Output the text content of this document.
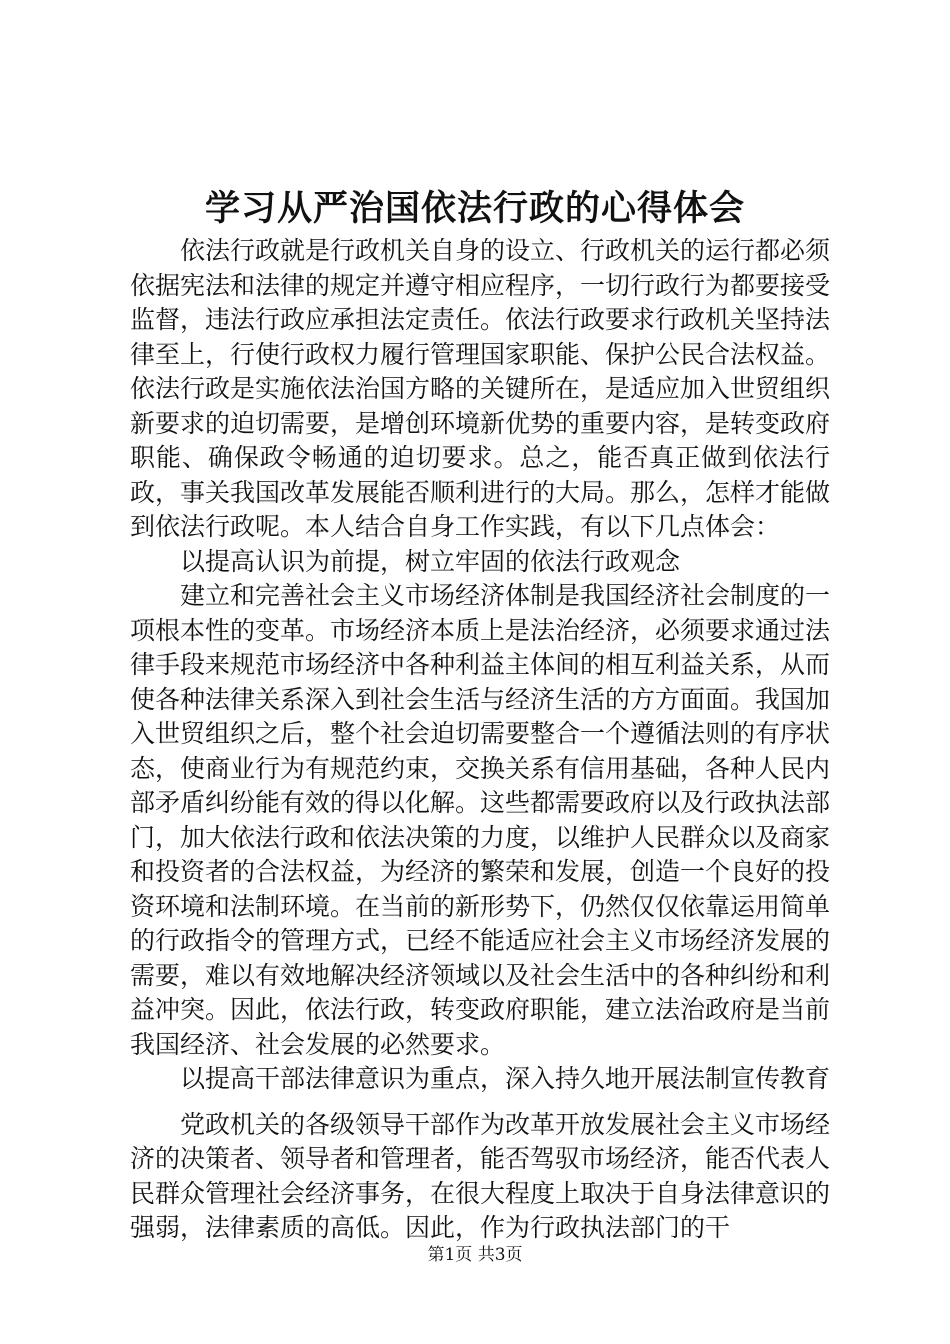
学习从严治国依法行政的心得体会

依法行政就是行政机关自身的设立、行政机关的运行都必须依据宪法和法律的规定并遵守相应程序，一切行政行为都要接受监督，违法行政应承担法定责任。依法行政要求行政机关坚持法律至上，行使行政权力履行管理国家职能、保护公民合法权益。依法行政是实施依法治国方略的关键所在，是适应加入世贸组织新要求的迫切需要，是增创环境新优势的重要内容，是转变政府职能、确保政令畅通的迫切要求。总之，能否真正做到依法行政，事关我国改革发展能否顺利进行的大局。那么，怎样才能做到依法行政呢。本人结合自身工作实践，有以下几点体会：

以提高认识为前提，树立牢固的依法行政观念

建立和完善社会主义市场经济体制是我国经济社会制度的一项根本性的变革。市场经济本质上是法治经济，必须要求通过法律手段来规范市场经济中各种利益主体间的相互利益关系，从而使各种法律关系深入到社会生活与经济生活的方方面面。我国加入世贸组织之后，整个社会迫切需要整合一个遵循法则的有序状态，使商业行为有规范约束，交换关系有信用基础，各种人民内部矛盾纠纷能有效的得以化解。这些都需要政府以及行政执法部门，加大依法行政和依法决策的力度，以维护人民群众以及商家和投资者的合法权益，为经济的繁荣和发展，创造一个良好的投资环境和法制环境。在当前的新形势下，仍然仅仅依靠运用简单的行政指令的管理方式，已经不能适应社会主义市场经济发展的需要，难以有效地解决经济领域以及社会生活中的各种纠纷和利益冲突。因此，依法行政，转变政府职能，建立法治政府是当前我国经济、社会发展的必然要求。

以提高干部法律意识为重点，深入持久地开展法制宣传教育

党政机关的各级领导干部作为改革开放发展社会主义市场经济的决策者、领导者和管理者，能否驾驭市场经济，能否代表人民群众管理社会经济事务，在很大程度上取决于自身法律意识的强弱，法律素质的高低。因此，作为行政执法部门的干

第1页 共3页
